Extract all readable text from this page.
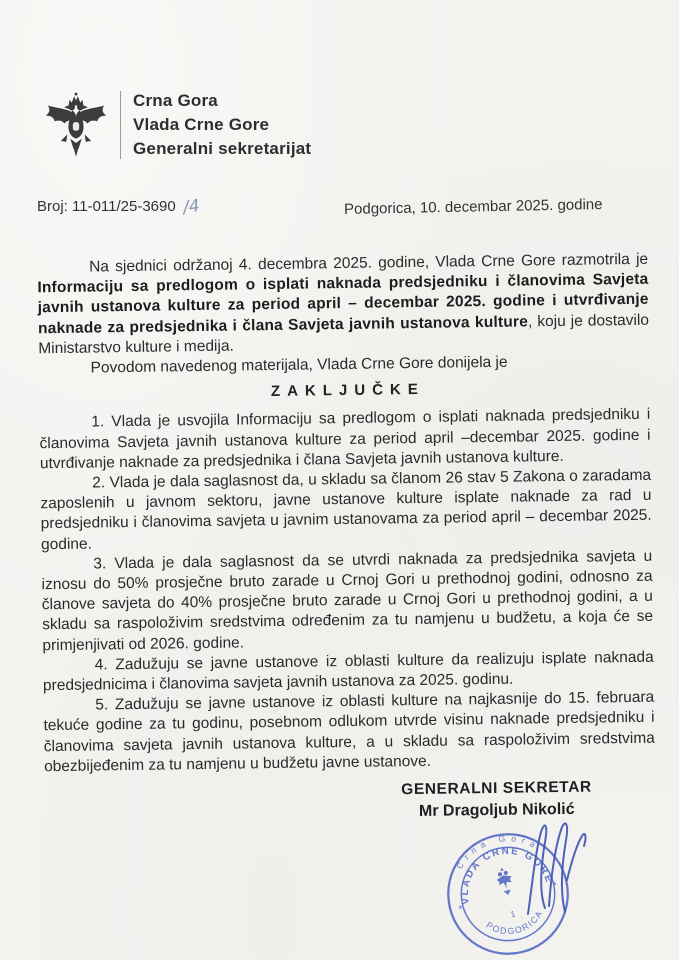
Crna Gora
Vlada Crne Gore
Generalni sekretarijat
Broj: 11-011/25-3690 /4	Podgorica, 10. decembar 2025. godine

Na sjednici održanoj 4. decembra 2025. godine, Vlada Crne Gore razmotrila je Informaciju sa predlogom o isplati naknada predsjedniku i članovima Savjeta javnih ustanova kulture za period april – decembar 2025. godine i utvrđivanje naknade za predsjednika i člana Savjeta javnih ustanova kulture, koju je dostavilo Ministarstvo kulture i medija.

Povodom navedenog materijala, Vlada Crne Gore donijela je

ZAKLJUČKE

1. Vlada je usvojila Informaciju sa predlogom o isplati naknada predsjedniku i članovima Savjeta javnih ustanova kulture za period april –decembar 2025. godine i utvrđivanje naknade za predsjednika i člana Savjeta javnih ustanova kulture.

2. Vlada je dala saglasnost da, u skladu sa članom 26 stav 5 Zakona o zaradama zaposlenih u javnom sektoru, javne ustanove kulture isplate naknade za rad u predsjedniku i članovima savjeta u javnim ustanovama za period april – decembar 2025. godine.

3. Vlada je dala saglasnost da se utvrdi naknada za predsjednika savjeta u iznosu do 50% prosječne bruto zarade u Crnoj Gori u prethodnoj godini, odnosno za članove savjeta do 40% prosječne bruto zarade u Crnoj Gori u prethodnoj godini, a u skladu sa raspoloživim sredstvima određenim za tu namjenu u budžetu, a koja će se primjenjivati od 2026. godine.

4. Zadužuju se javne ustanove iz oblasti kulture da realizuju isplate naknada predsjednicima i članovima savjeta javnih ustanova za 2025. godinu.

5. Zadužuju se javne ustanove iz oblasti kulture na najkasnije do 15. februara tekuće godine za tu godinu, posebnom odlukom utvrde visinu naknade predsjedniku i članovima savjeta javnih ustanova kulture, a u skladu sa raspoloživim sredstvima obezbijeđenim za tu namjenu u budžetu javne ustanove.

GENERALNI SEKRETAR
Mr Dragoljub Nikolić
Crna Gora
VLADA CRNE GORE
PODGORICA
1
*
*
